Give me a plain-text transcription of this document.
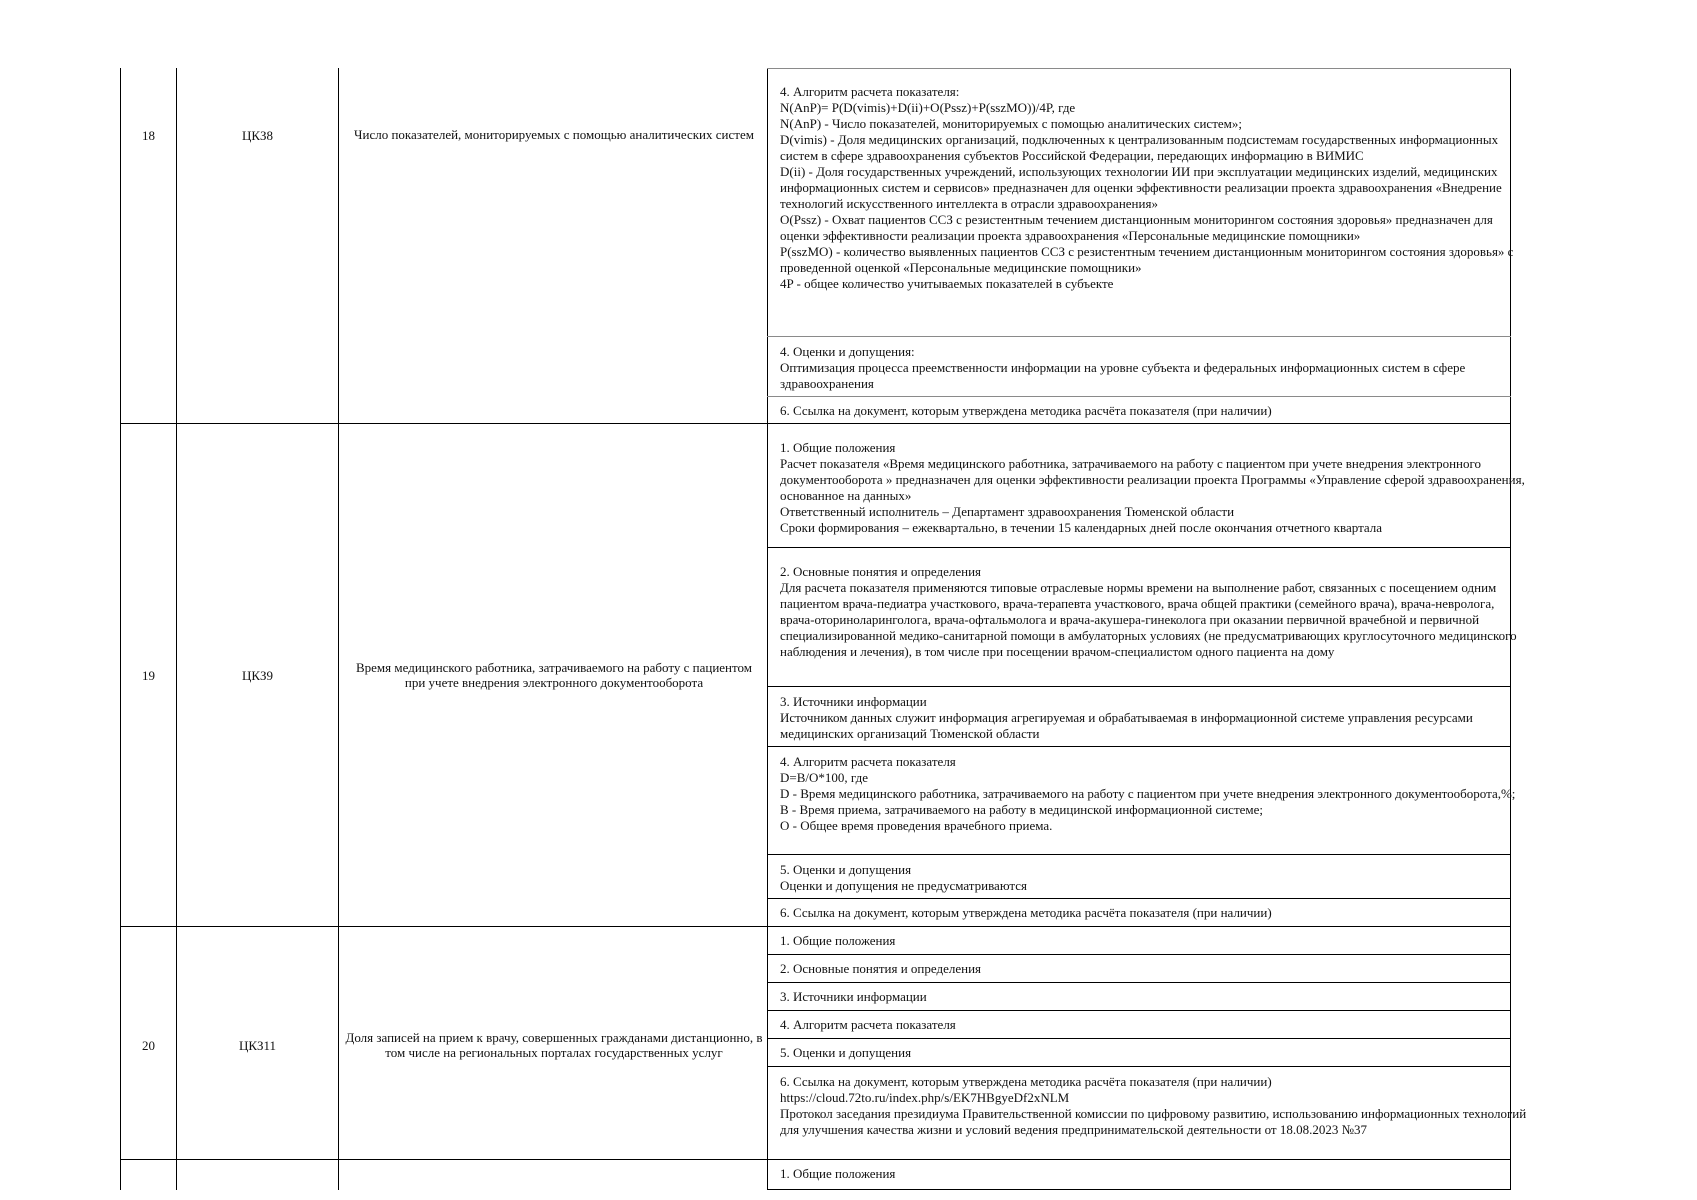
18	ЦКЗ8	Число показателей, мониторируемых с помощью аналитических систем
4. Алгоритм расчета показателя:
N(AnP)= P(D(vimis)+D(ii)+O(Pssz)+P(sszMO))/4P, где
N(AnP) - Число показателей, мониторируемых с помощью аналитических систем»;
D(vimis) - Доля медицинских организаций, подключенных к централизованным подсистемам государственных информационных систем в сфере здравоохранения субъектов Российской Федерации, передающих информацию в ВИМИС
D(ii) - Доля государственных учреждений, использующих технологии ИИ при эксплуатации медицинских изделий, медицинских информационных систем и сервисов» предназначен для оценки эффективности реализации проекта здравоохранения «Внедрение технологий искусственного интеллекта в отрасли здравоохранения»
O(Pssz) - Охват пациентов ССЗ с резистентным течением дистанционным мониторингом состояния здоровья» предназначен для оценки эффективности реализации проекта здравоохранения «Персональные медицинские помощники»
P(sszMO) - количество выявленных пациентов ССЗ с резистентным течением дистанционным мониторингом состояния здоровья» с проведенной оценкой «Персональные медицинские помощники»
4P - общее количество учитываемых показателей в субъекте
4. Оценки и допущения:
Оптимизация процесса преемственности информации на уровне субъекта и федеральных информационных систем в сфере здравоохранения
6. Ссылка на документ, которым утверждена методика расчёта показателя (при наличии)
19	ЦКЗ9	Время медицинского работника, затрачиваемого на работу с пациентом при учете внедрения электронного документооборота
1. Общие положения
Расчет показателя «Время медицинского работника, затрачиваемого на работу с пациентом при учете внедрения электронного документооборота » предназначен для оценки эффективности реализации проекта Программы «Управление сферой здравоохранения, основанное на данных»
Ответственный исполнитель – Департамент здравоохранения Тюменской области
Сроки формирования – ежеквартально, в течении 15 календарных дней после окончания отчетного квартала
2. Основные понятия и определения
Для расчета показателя применяются типовые отраслевые нормы времени на выполнение работ, связанных с посещением одним пациентом врача-педиатра участкового, врача-терапевта участкового, врача общей практики (семейного врача), врача-невролога, врача-оториноларинголога, врача-офтальмолога и врача-акушера-гинеколога при оказании первичной врачебной и первичной специализированной медико-санитарной помощи в амбулаторных условиях (не предусматривающих круглосуточного медицинского наблюдения и лечения), в том числе при посещении врачом-специалистом одного пациента на дому
3. Источники информации
Источником данных служит информация агрегируемая и обрабатываемая в информационной системе управления ресурсами медицинских организаций Тюменской области
4. Алгоритм расчета показателя
D=B/O*100, где
D - Время медицинского работника, затрачиваемого на работу с пациентом при учете внедрения электронного документооборота,%;
В - Время приема, затрачиваемого на работу в медицинской информационной системе;
О - Общее время проведения врачебного приема.
5. Оценки и допущения
Оценки и допущения не предусматриваются
6. Ссылка на документ, которым утверждена методика расчёта показателя (при наличии)
20	ЦКЗ11	Доля записей на прием к врачу, совершенных гражданами дистанционно, в том числе на региональных порталах государственных услуг
1. Общие положения
2. Основные понятия и определения
3. Источники информации
4. Алгоритм расчета показателя
5. Оценки и допущения
6. Ссылка на документ, которым утверждена методика расчёта показателя (при наличии)
https://cloud.72to.ru/index.php/s/EK7HBgyeDf2xNLM
Протокол заседания президиума Правительственной комиссии по цифровому развитию, использованию информационных технологий для улучшения качества жизни и условий ведения предпринимательской деятельности от 18.08.2023 №37
1. Общие положения
